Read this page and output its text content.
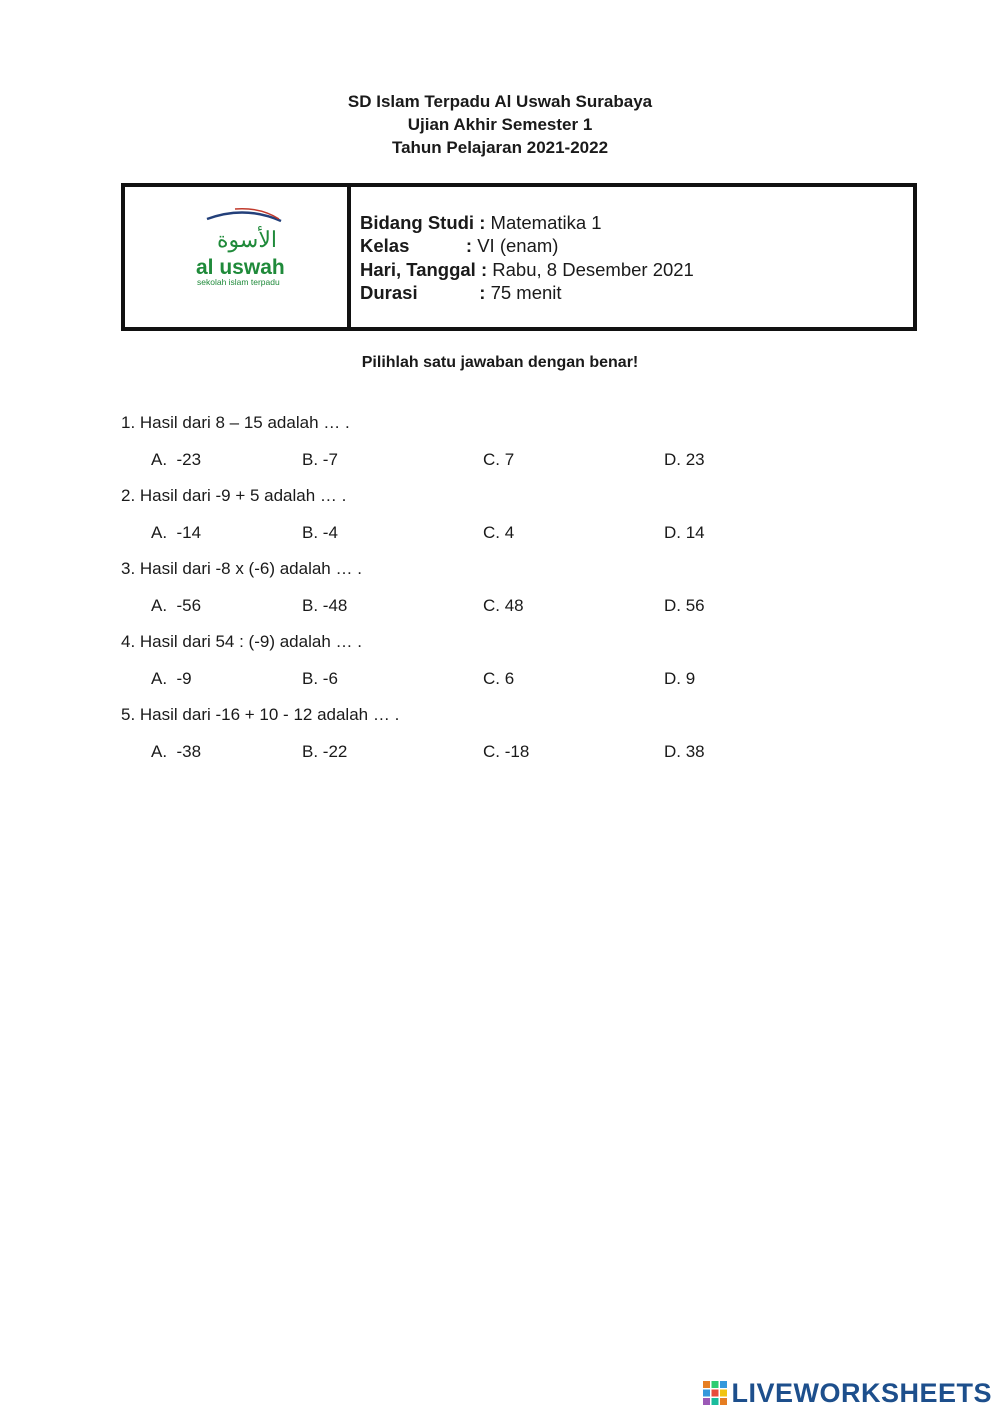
SD Islam Terpadu Al Uswah Surabaya
Ujian Akhir Semester 1
Tahun Pelajaran 2021-2022
الأسوة
al uswah
sekolah islam terpadu
Bidang Studi : Matematika 1
Kelas : VI (enam)
Hari, Tanggal : Rabu, 8 Desember 2021
Durasi : 75 menit
Pilihlah satu jawaban dengan benar!
1. Hasil dari 8 – 15 adalah … .
A.  -23	B. -7	C. 7	D. 23
2. Hasil dari -9 + 5 adalah … .
A.  -14	B. -4	C. 4	D. 14
3. Hasil dari -8 x (-6) adalah … .
A.  -56	B. -48	C. 48	D. 56
4. Hasil dari 54 : (-9) adalah … .
A.  -9	B. -6	C. 6	D. 9
5. Hasil dari -16 + 10 - 12 adalah … .
A.  -38	B. -22	C. -18	D. 38
LIVEWORKSHEETS
